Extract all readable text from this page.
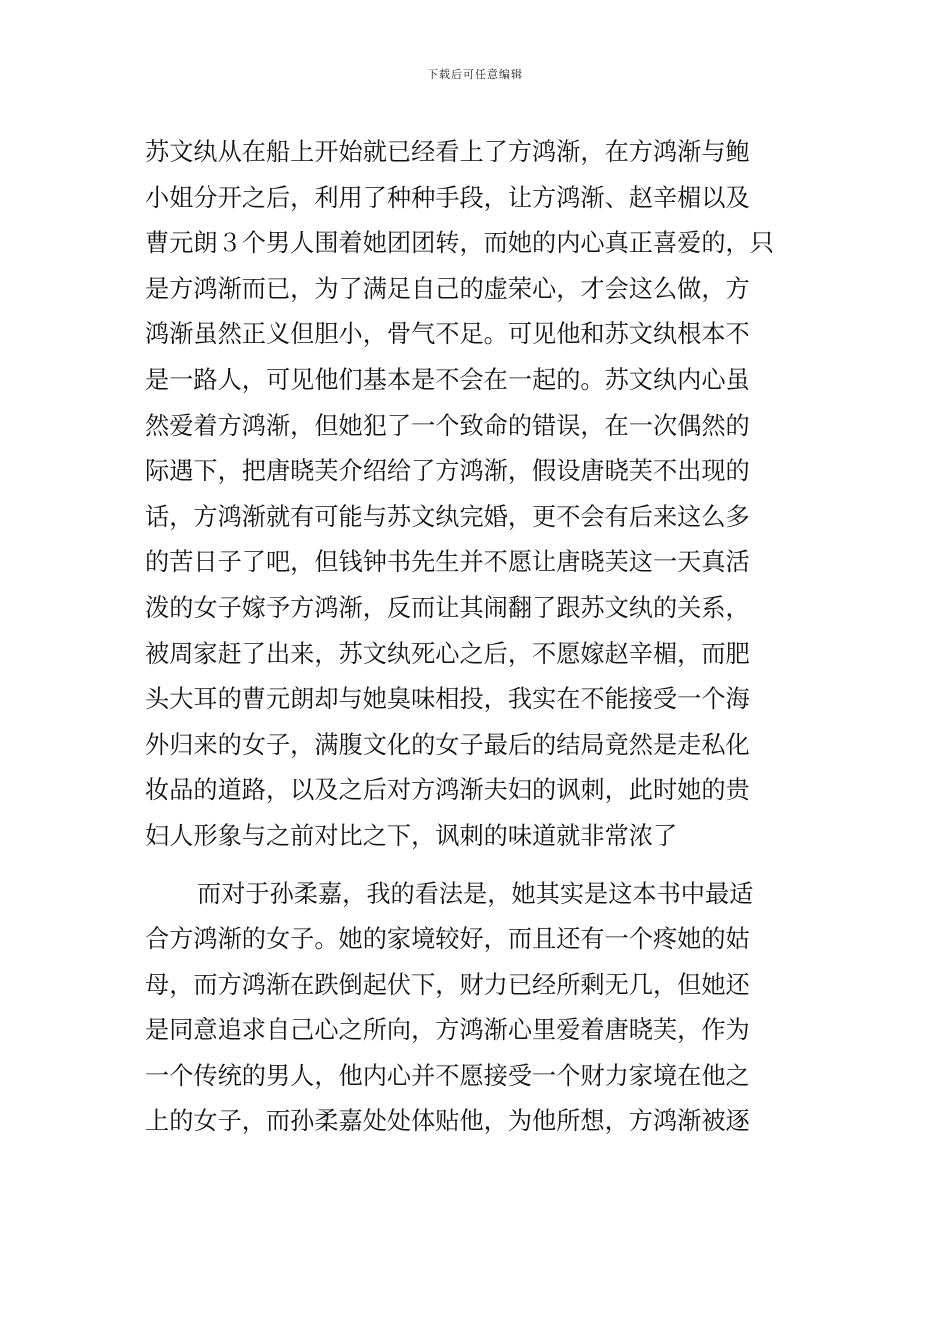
下载后可任意编辑
苏文纨从在船上开始就已经看上了方鸿渐，在方鸿渐与鲍
小姐分开之后，利用了种种手段，让方鸿渐、赵辛楣以及
曹元朗３个男人围着她团团转，而她的内心真正喜爱的，只
是方鸿渐而已，为了满足自己的虚荣心，才会这么做，方
鸿渐虽然正义但胆小，骨气不足。可见他和苏文纨根本不
是一路人，可见他们基本是不会在一起的。苏文纨内心虽
然爱着方鸿渐，但她犯了一个致命的错误，在一次偶然的
际遇下，把唐晓芙介绍给了方鸿渐，假设唐晓芙不出现的
话，方鸿渐就有可能与苏文纨完婚，更不会有后来这么多
的苦日子了吧，但钱钟书先生并不愿让唐晓芙这一天真活
泼的女子嫁予方鸿渐，反而让其闹翻了跟苏文纨的关系，
被周家赶了出来，苏文纨死心之后，不愿嫁赵辛楣，而肥
头大耳的曹元朗却与她臭味相投，我实在不能接受一个海
外归来的女子，满腹文化的女子最后的结局竟然是走私化
妆品的道路，以及之后对方鸿渐夫妇的讽刺，此时她的贵
妇人形象与之前对比之下，讽刺的味道就非常浓了
而对于孙柔嘉，我的看法是，她其实是这本书中最适
合方鸿渐的女子。她的家境较好，而且还有一个疼她的姑
母，而方鸿渐在跌倒起伏下，财力已经所剩无几，但她还
是同意追求自己心之所向，方鸿渐心里爱着唐晓芙，作为
一个传统的男人，他内心并不愿接受一个财力家境在他之
上的女子，而孙柔嘉处处体贴他，为他所想，方鸿渐被逐
